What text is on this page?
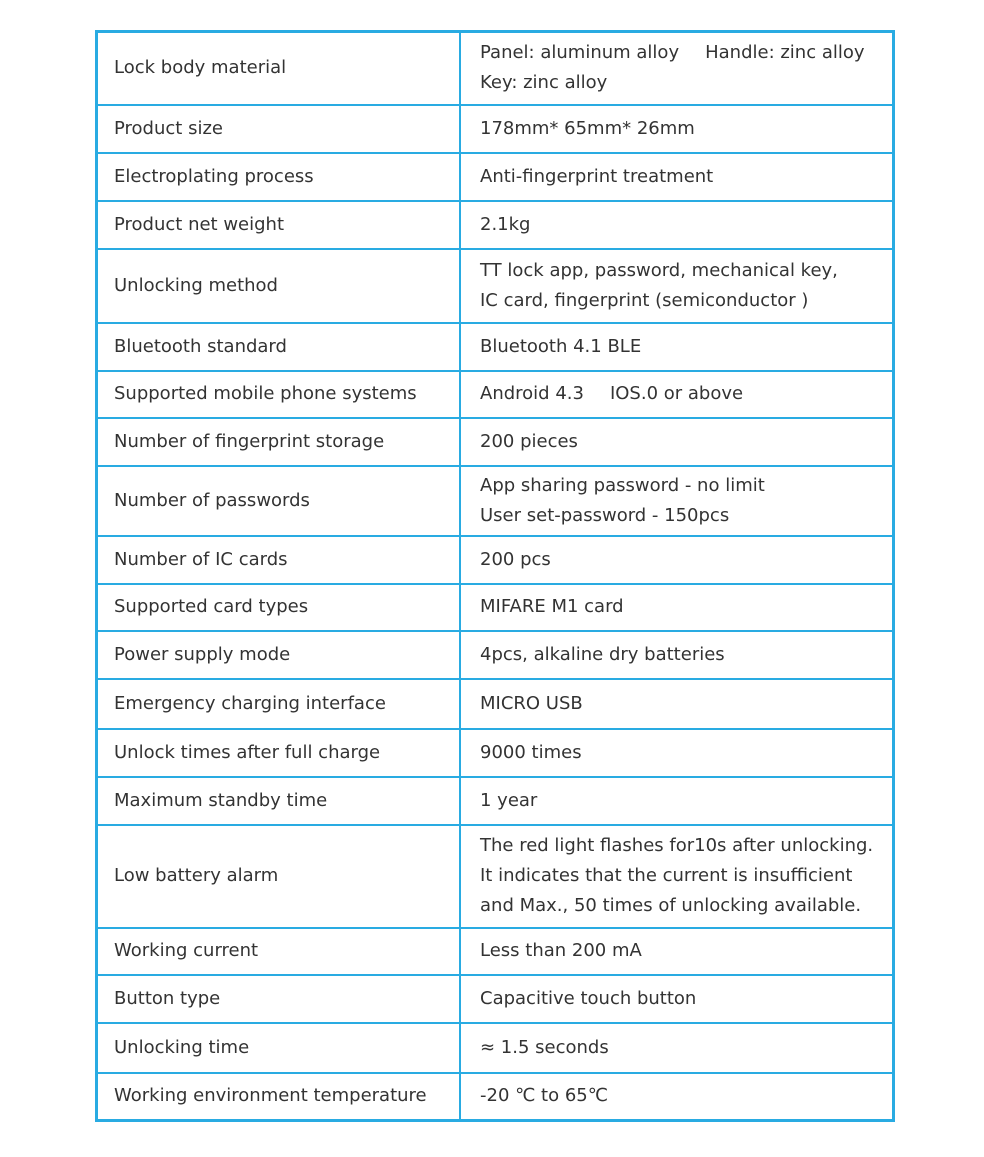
Lock body material	Panel: aluminum alloy Handle: zinc alloy
Key: zinc alloy

Product size	178mm* 65mm* 26mm
Electroplating process	Anti-fingerprint treatment
Product net weight	2.1kg
Unlocking method	TT lock app, password, mechanical key,
IC card, fingerprint (semiconductor )

Bluetooth standard	Bluetooth 4.1 BLE
Supported mobile phone systems	Android 4.3 IOS.0 or above

Number of fingerprint storage	200 pieces
Number of passwords	App sharing password - no limit
User set-password - 150pcs

Number of IC cards	200 pcs
Supported card types	MIFARE M1 card
Power supply mode	4pcs, alkaline dry batteries
Emergency charging interface	MICRO USB
Unlock times after full charge	9000 times
Maximum standby time	1 year
Low battery alarm	The red light flashes for10s after unlocking.
It indicates that the current is insufficient
and Max., 50 times of unlocking available.

Working current	Less than 200 mA
Button type	Capacitive touch button
Unlocking time	≈ 1.5 seconds
Working environment temperature	-20 ℃ to 65℃
